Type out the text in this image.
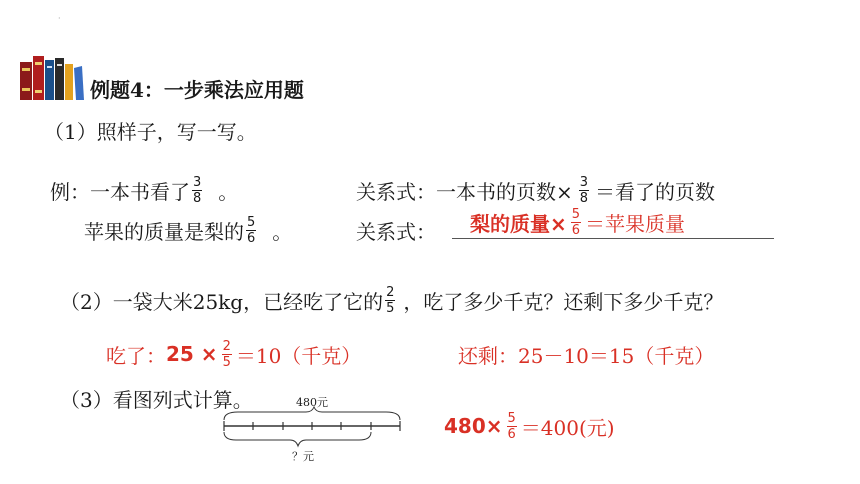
·
例题4：一步乘法应用题
（1）照样子，写一写。
例：一本书看了 $\frac{3}{8}$ 。	关系式： 一本书的页数× $\frac{3}{8}$ ＝看了的页数
苹果的质量是梨的 $\frac{5}{6}$ 。	关系式： 梨的质量× $\frac{5}{6}$ ＝苹果质量
（2）一袋大米25kg，已经吃了它的 $\frac{2}{5}$ ，吃了多少千克？还剩下多少千克？
吃了： $25 \times \frac{2}{5} =10$（千克）	还剩：25－10＝15（千克）
（3）看图列式计算。	480元
？元
$480\times \frac{5}{6} =400$(元)
